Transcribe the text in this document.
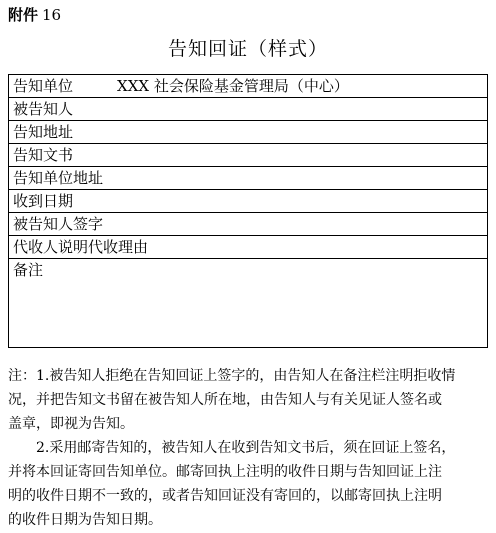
附件 16
告知回证（样式）
告知单位	XXX 社会保险基金管理局（中心）
被告知人
告知地址
告知文书
告知单位地址
收到日期
被告知人签字
代收人说明代收理由
备注

注：1.被告知人拒绝在告知回证上签字的，由告知人在备注栏注明拒收情

况，并把告知文书留在被告知人所在地，由告知人与有关见证人签名或

盖章，即视为告知。

2.采用邮寄告知的，被告知人在收到告知文书后，须在回证上签名，

并将本回证寄回告知单位。邮寄回执上注明的收件日期与告知回证上注

明的收件日期不一致的，或者告知回证没有寄回的，以邮寄回执上注明

的收件日期为告知日期。
